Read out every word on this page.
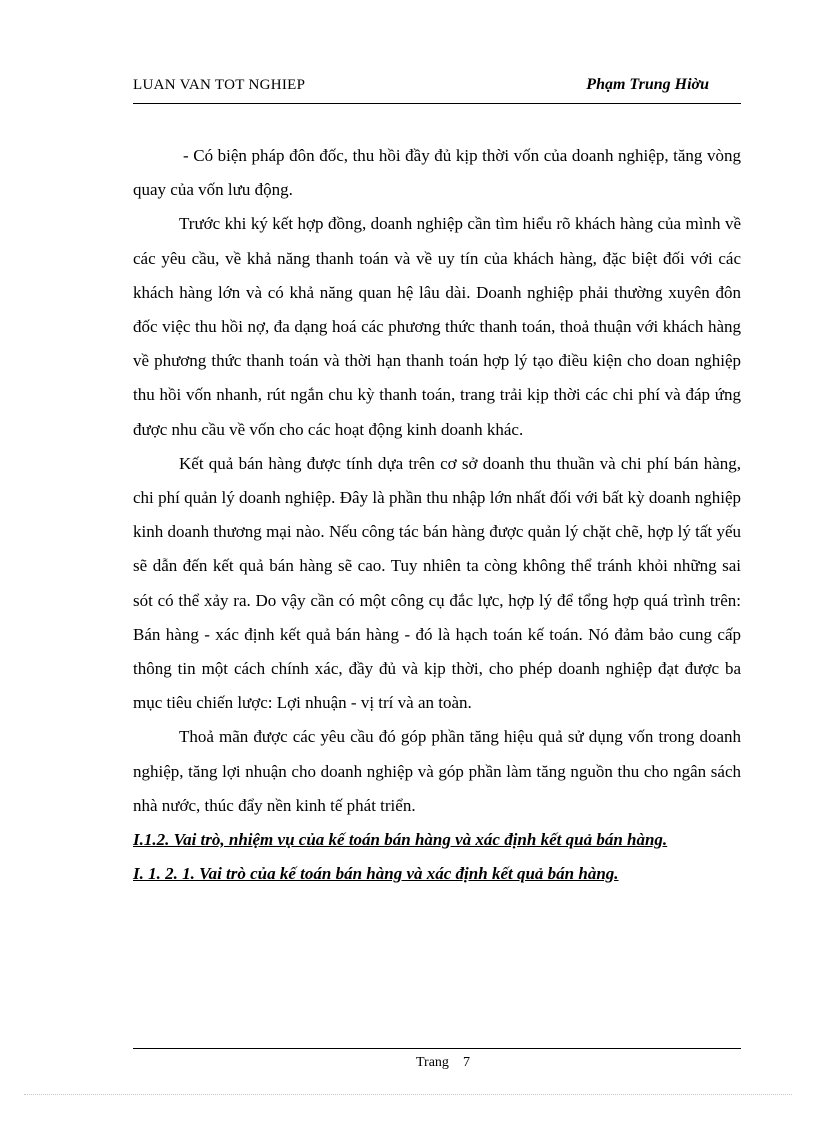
LUAN VAN TOT NGHIEP	Phạm Trung Hiờu

- Có biện pháp đôn đốc, thu hồi đầy đủ kịp thời vốn của doanh nghiệp, tăng vòng quay của vốn lưu động.

Trước khi ký kết hợp đồng, doanh nghiệp cần tìm hiểu rõ khách hàng của mình về các yêu cầu, về khả năng thanh toán và về uy tín của khách hàng, đặc biệt đối với các khách hàng lớn và có khả năng quan hệ lâu dài. Doanh nghiệp phải thường xuyên đôn đốc việc thu hồi nợ, đa dạng hoá các phương thức thanh toán, thoả thuận với khách hàng về phương thức thanh toán và thời hạn thanh toán hợp lý tạo điều kiện cho doan nghiệp thu hồi vốn nhanh, rút ngắn chu kỳ thanh toán, trang trải kịp thời các chi phí và đáp ứng được nhu cầu về vốn cho các hoạt động kinh doanh khác.

Kết quả bán hàng được tính dựa trên cơ sở doanh thu thuần và chi phí bán hàng, chi phí quản lý doanh nghiệp. Đây là phần thu nhập lớn nhất đối với bất kỳ doanh nghiệp kinh doanh thương mại nào. Nếu công tác bán hàng được quản lý chặt chẽ, hợp lý tất yếu sẽ dẫn đến kết quả bán hàng sẽ cao. Tuy nhiên ta còng không thể tránh khỏi những sai sót có thể xảy ra. Do vậy cần có một công cụ đắc lực, hợp lý để tổng hợp quá trình trên: Bán hàng - xác định kết quả bán hàng - đó là hạch toán kế toán. Nó đảm bảo cung cấp thông tin một cách chính xác, đầy đủ và kịp thời, cho phép doanh nghiệp đạt được ba mục tiêu chiến lược: Lợi nhuận - vị trí và an toàn.

Thoả mãn được các yêu cầu đó góp phần tăng hiệu quả sử dụng vốn trong doanh nghiệp, tăng lợi nhuận cho doanh nghiệp và góp phần làm tăng nguồn thu cho ngân sách nhà nước, thúc đẩy nền kinh tế phát triển.

I.1.2. Vai trò, nhiệm vụ của kế toán bán hàng và xác định kết quả bán hàng.

I. 1. 2. 1. Vai trò của kế toán bán hàng và xác định kết quả bán hàng.

Trang 7
